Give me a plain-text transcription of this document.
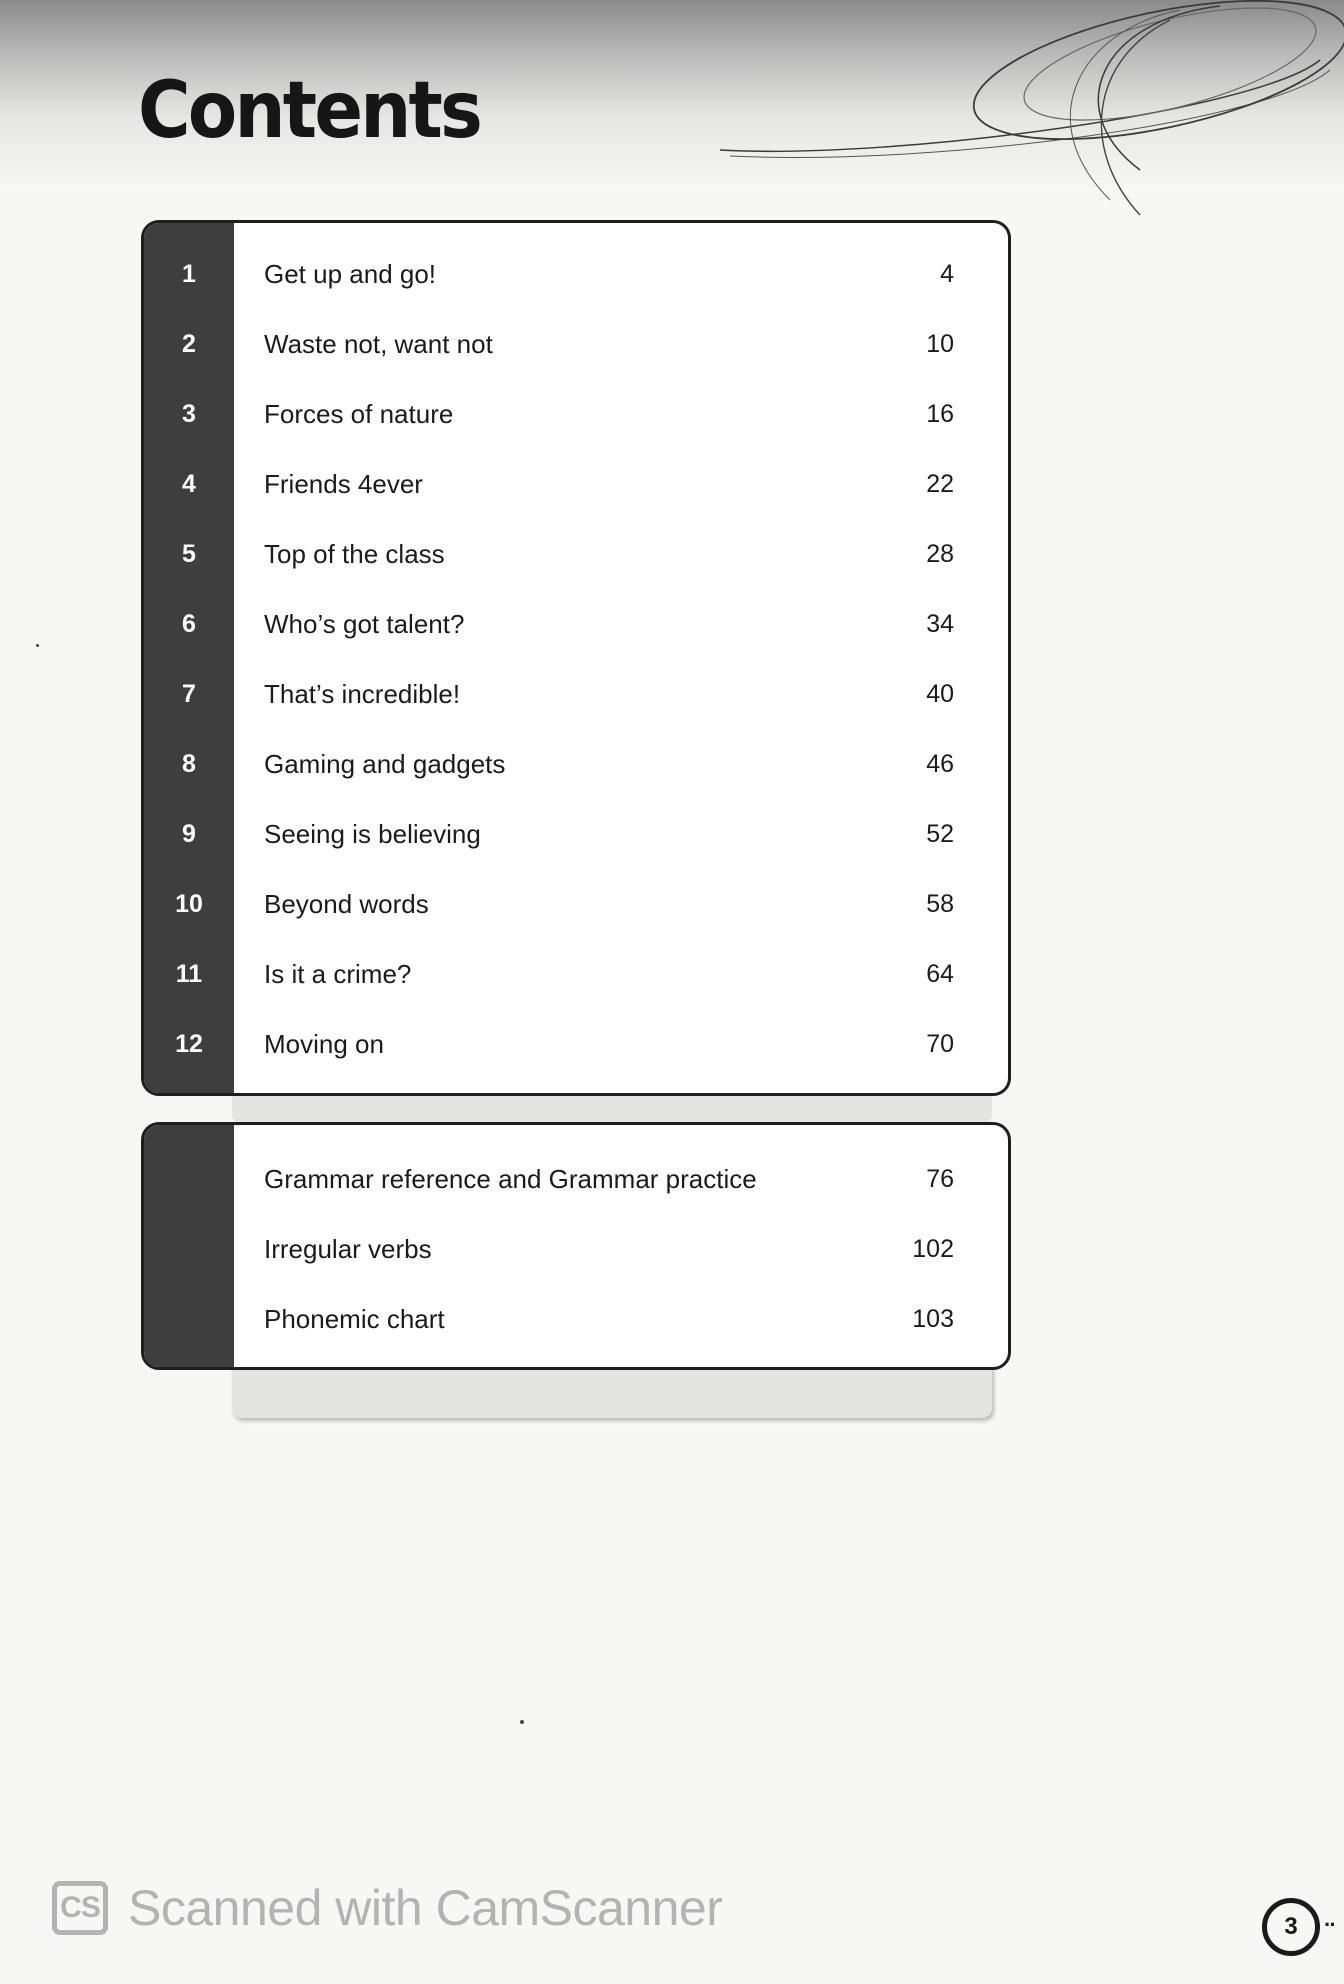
Contents
1	Get up and go!	4
2	Waste not, want not	10
3	Forces of nature	16
4	Friends 4ever	22
5	Top of the class	28
6	Who’s got talent?	34
7	That’s incredible!	40
8	Gaming and gadgets	46
9	Seeing is believing	52
10	Beyond words	58
11	Is it a crime?	64
12	Moving on	70
Grammar reference and Grammar practice	76
Irregular verbs	102
Phonemic chart	103
CS Scanned with CamScanner	3	··
